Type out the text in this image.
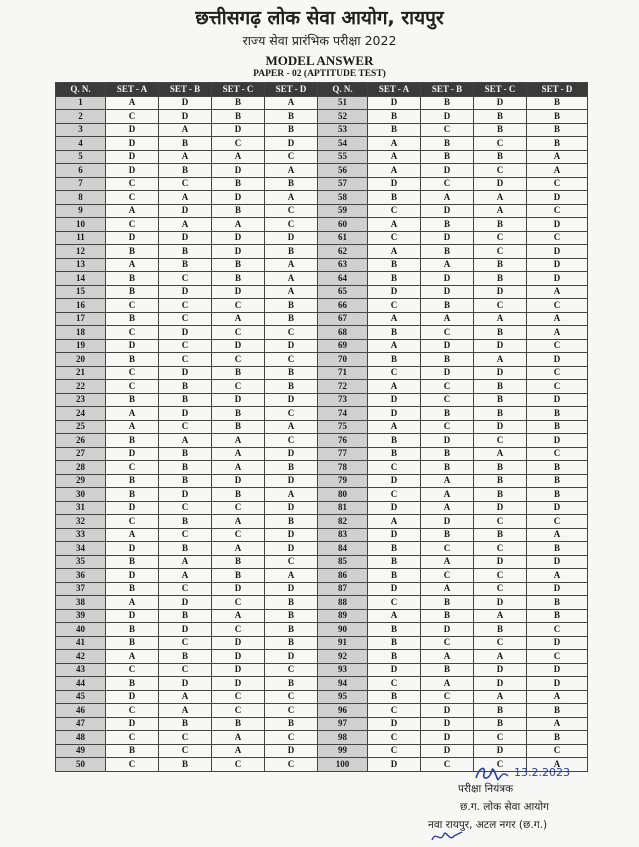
छत्तीसगढ़ लोक सेवा आयोग, रायपुर
राज्य सेवा प्रारंभिक परीक्षा 2022
MODEL ANSWER
PAPER - 02 (APTITUDE TEST)
Q. N.	SET - A	SET - B	SET - C	SET - D	Q. N.	SET - A	SET - B	SET - C	SET - D
1	A	D	B	A	51	D	B	D	B
2	C	D	B	B	52	B	D	B	B
3	D	A	D	B	53	B	C	B	B
4	D	B	C	D	54	A	B	C	B
5	D	A	A	C	55	A	B	B	A
6	D	B	D	A	56	A	D	C	A
7	C	C	B	B	57	D	C	D	C
8	C	A	D	A	58	B	A	A	D
9	A	D	B	C	59	C	D	A	C
10	C	A	A	C	60	A	B	B	D
11	D	D	D	D	61	C	D	C	C
12	B	B	D	B	62	A	B	C	D
13	A	B	B	A	63	B	A	B	D
14	B	C	B	A	64	B	D	B	D
15	B	D	D	A	65	D	D	D	A
16	C	C	C	B	66	C	B	C	C
17	B	C	A	B	67	A	A	A	A
18	C	D	C	C	68	B	C	B	A
19	D	C	D	D	69	A	D	D	C
20	B	C	C	C	70	B	B	A	D
21	C	D	B	B	71	C	D	D	C
22	C	B	C	B	72	A	C	B	C
23	B	B	D	D	73	D	C	B	D
24	A	D	B	C	74	D	B	B	B
25	A	C	B	A	75	A	C	D	B
26	B	A	A	C	76	B	D	C	D
27	D	B	A	D	77	B	B	A	C
28	C	B	A	B	78	C	B	B	B
29	B	B	D	D	79	D	A	B	B
30	B	D	B	A	80	C	A	B	B
31	D	C	C	D	81	D	A	D	D
32	C	B	A	B	82	A	D	C	C
33	A	C	C	D	83	D	B	B	A
34	D	B	A	D	84	B	C	C	B
35	B	A	B	C	85	B	A	D	D
36	D	A	B	A	86	B	C	C	A
37	B	C	D	D	87	D	A	C	D
38	A	D	C	B	88	C	B	D	B
39	D	B	A	B	89	A	B	A	B
40	B	D	C	B	90	B	D	B	C
41	B	C	D	B	91	B	C	C	D
42	A	B	D	D	92	B	A	A	C
43	C	C	D	C	93	D	B	D	D
44	B	D	D	B	94	C	A	D	D
45	D	A	C	C	95	B	C	A	A
46	C	A	C	C	96	C	D	B	B
47	D	B	B	B	97	D	D	B	A
48	C	C	A	C	98	C	D	C	B
49	B	C	A	D	99	C	D	D	C
50	C	B	C	C	100	D	C	C	A
13.2.2023
परीक्षा नियंत्रक
छ.ग. लोक सेवा आयोग
नवा रायपुर, अटल नगर (छ.ग.)
